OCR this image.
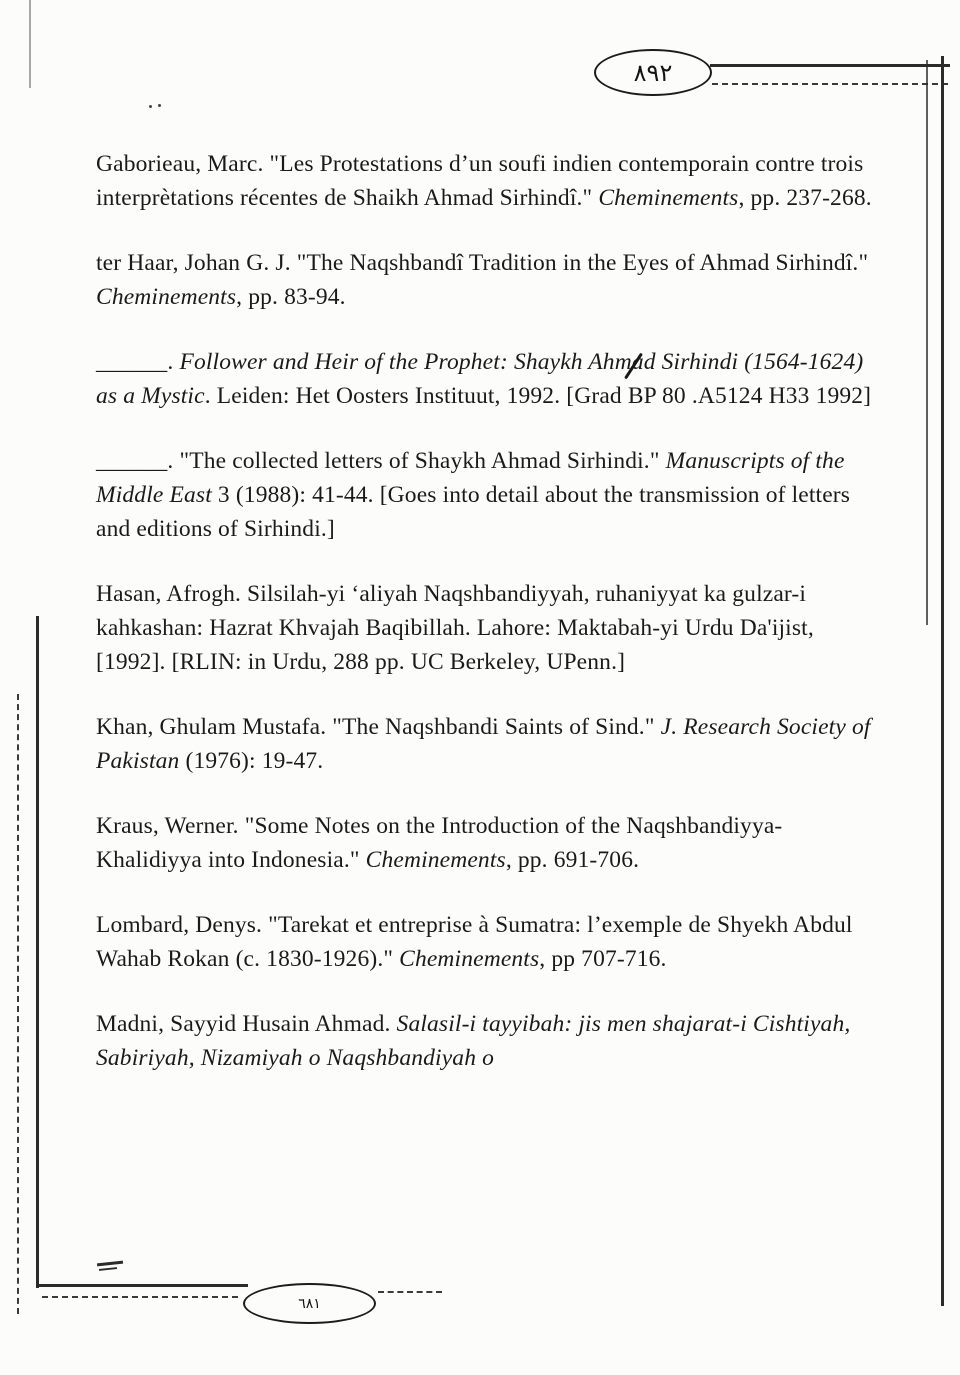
٨٩٢
٦٨١

Gaborieau, Marc. "Les Protestations d’un soufi indien contemporain contre trois interprètations récentes de Shaikh Ahmad Sirhindî." Cheminements, pp. 237-268.

ter Haar, Johan G. J. "The Naqshbandî Tradition in the Eyes of Ahmad Sirhindî." Cheminements, pp. 83-94.

______. Follower and Heir of the Prophet: Shaykh Ahmad Sirhindi (1564-1624) as a Mystic. Leiden: Het Oosters Instituut, 1992. [Grad BP 80 .A5124 H33 1992]

______. "The collected letters of Shaykh Ahmad Sirhindi." Manuscripts of the Middle East 3 (1988): 41-44. [Goes into detail about the transmission of letters and editions of Sirhindi.]

Hasan, Afrogh. Silsilah-yi ‘aliyah Naqshbandiyyah, ruhaniyyat ka gulzar-i kahkashan: Hazrat Khvajah Baqibillah. Lahore: Maktabah-yi Urdu Da'ijist, [1992]. [RLIN: in Urdu, 288 pp. UC Berkeley, UPenn.]

Khan, Ghulam Mustafa. "The Naqshbandi Saints of Sind." J. Research Society of Pakistan (1976): 19-47.

Kraus, Werner. "Some Notes on the Introduction of the Naqshbandiyya-Khalidiyya into Indonesia." Cheminements, pp. 691-706.

Lombard, Denys. "Tarekat et entreprise à Sumatra: l’exemple de Shyekh Abdul Wahab Rokan (c. 1830-1926)." Cheminements, pp 707-716.

Madni, Sayyid Husain Ahmad. Salasil-i tayyibah: jis men shajarat-i Cishtiyah, Sabiriyah, Nizamiyah o Naqshbandiyah o
